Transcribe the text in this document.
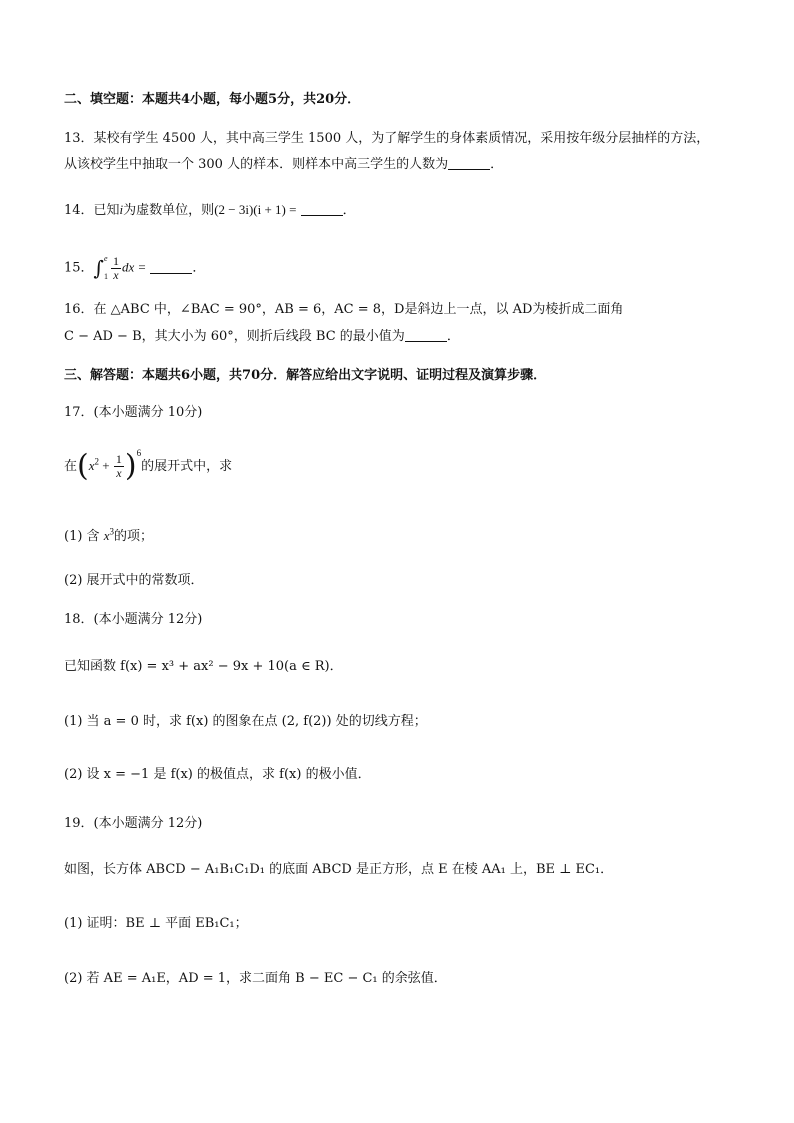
二、填空题：本题共4小题，每小题5分，共20分．
13．某校有学生 4500 人，其中高三学生 1500 人，为了解学生的身体素质情况，采用按年级分层抽样的方法，
从该校学生中抽取一个 300 人的样本．则样本中高三学生的人数为	．
14．已知i为虚数单位，则(2 − 3i)(i + 1) =	．
15．∫ e
$1 \frac{1}{x}$ dx =	．
16．在 △ABC 中，∠BAC = 90°，AB = 6，AC = 8，D是斜边上一点，以 AD为棱折成二面角
C − AD − B，其大小为 60°，则折后线段 BC 的最小值为	．
三、解答题：本题共6小题，共70分．解答应给出文字说明、证明过程及演算步骤．
17．(本小题满分 10分)
在$(x^2 + \frac{1}{x} )^6$的展开式中，求
(1) 含 $x^3$的项；
(2) 展开式中的常数项．
18．(本小题满分 12分)
已知函数 f(x) = x³ + ax² − 9x + 10(a ∈ R)．
(1) 当 a = 0 时，求 f(x) 的图象在点 (2, f(2)) 处的切线方程；
(2) 设 x = −1 是 f(x) 的极值点，求 f(x) 的极小值．
19．(本小题满分 12分)
如图，长方体 ABCD − A₁B₁C₁D₁ 的底面 ABCD 是正方形，点 E 在棱 AA₁ 上，BE ⊥ EC₁．
(1) 证明：BE ⊥ 平面 EB₁C₁；
(2) 若 AE = A₁E，AD = 1，求二面角 B − EC − C₁ 的余弦值．
